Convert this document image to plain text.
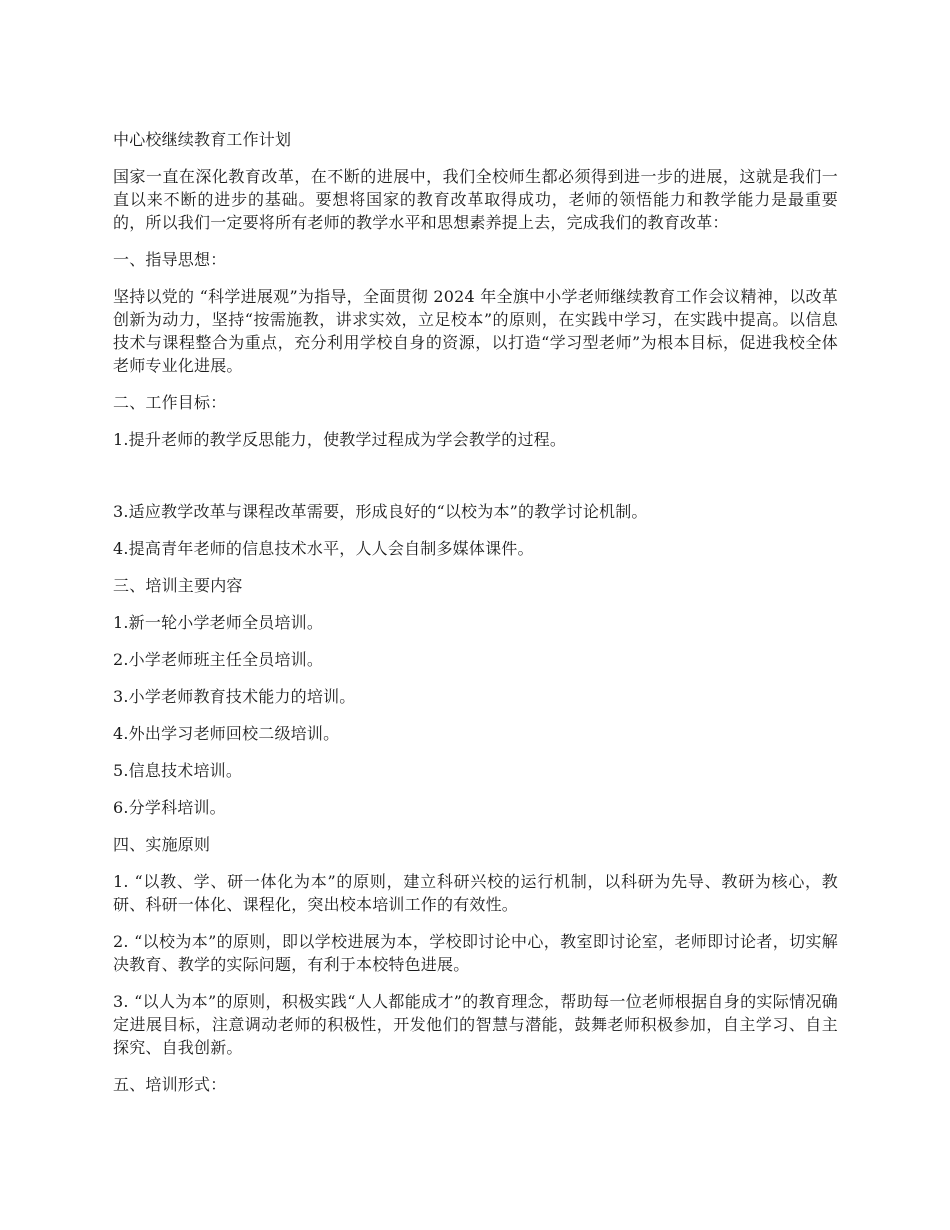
中心校继续教育工作计划

国家一直在深化教育改革，在不断的进展中，我们全校师生都必须得到进一步的进展，这就是我们一直以来不断的进步的基础。要想将国家的教育改革取得成功，老师的领悟能力和教学能力是最重要的，所以我们一定要将所有老师的教学水平和思想素养提上去，完成我们的教育改革：

一、指导思想：

坚持以党的 “科学进展观”为指导，全面贯彻 2024 年全旗中小学老师继续教育工作会议精神，以改革创新为动力，坚持“按需施教，讲求实效，立足校本”的原则，在实践中学习，在实践中提高。以信息技术与课程整合为重点，充分利用学校自身的资源，以打造“学习型老师”为根本目标，促进我校全体老师专业化进展。

二、工作目标：

1.提升老师的教学反思能力，使教学过程成为学会教学的过程。

3.适应教学改革与课程改革需要，形成良好的“以校为本”的教学讨论机制。

4.提高青年老师的信息技术水平，人人会自制多媒体课件。

三、培训主要内容

1.新一轮小学老师全员培训。

2.小学老师班主任全员培训。

3.小学老师教育技术能力的培训。

4.外出学习老师回校二级培训。

5.信息技术培训。

6.分学科培训。

四、实施原则

1. “以教、学、研一体化为本”的原则，建立科研兴校的运行机制，以科研为先导、教研为核心，教研、科研一体化、课程化，突出校本培训工作的有效性。

2. “以校为本”的原则，即以学校进展为本，学校即讨论中心，教室即讨论室，老师即讨论者，切实解决教育、教学的实际问题，有利于本校特色进展。

3. “以人为本”的原则，积极实践“人人都能成才”的教育理念，帮助每一位老师根据自身的实际情况确定进展目标，注意调动老师的积极性，开发他们的智慧与潜能，鼓舞老师积极参加，自主学习、自主探究、自我创新。

五、培训形式：
